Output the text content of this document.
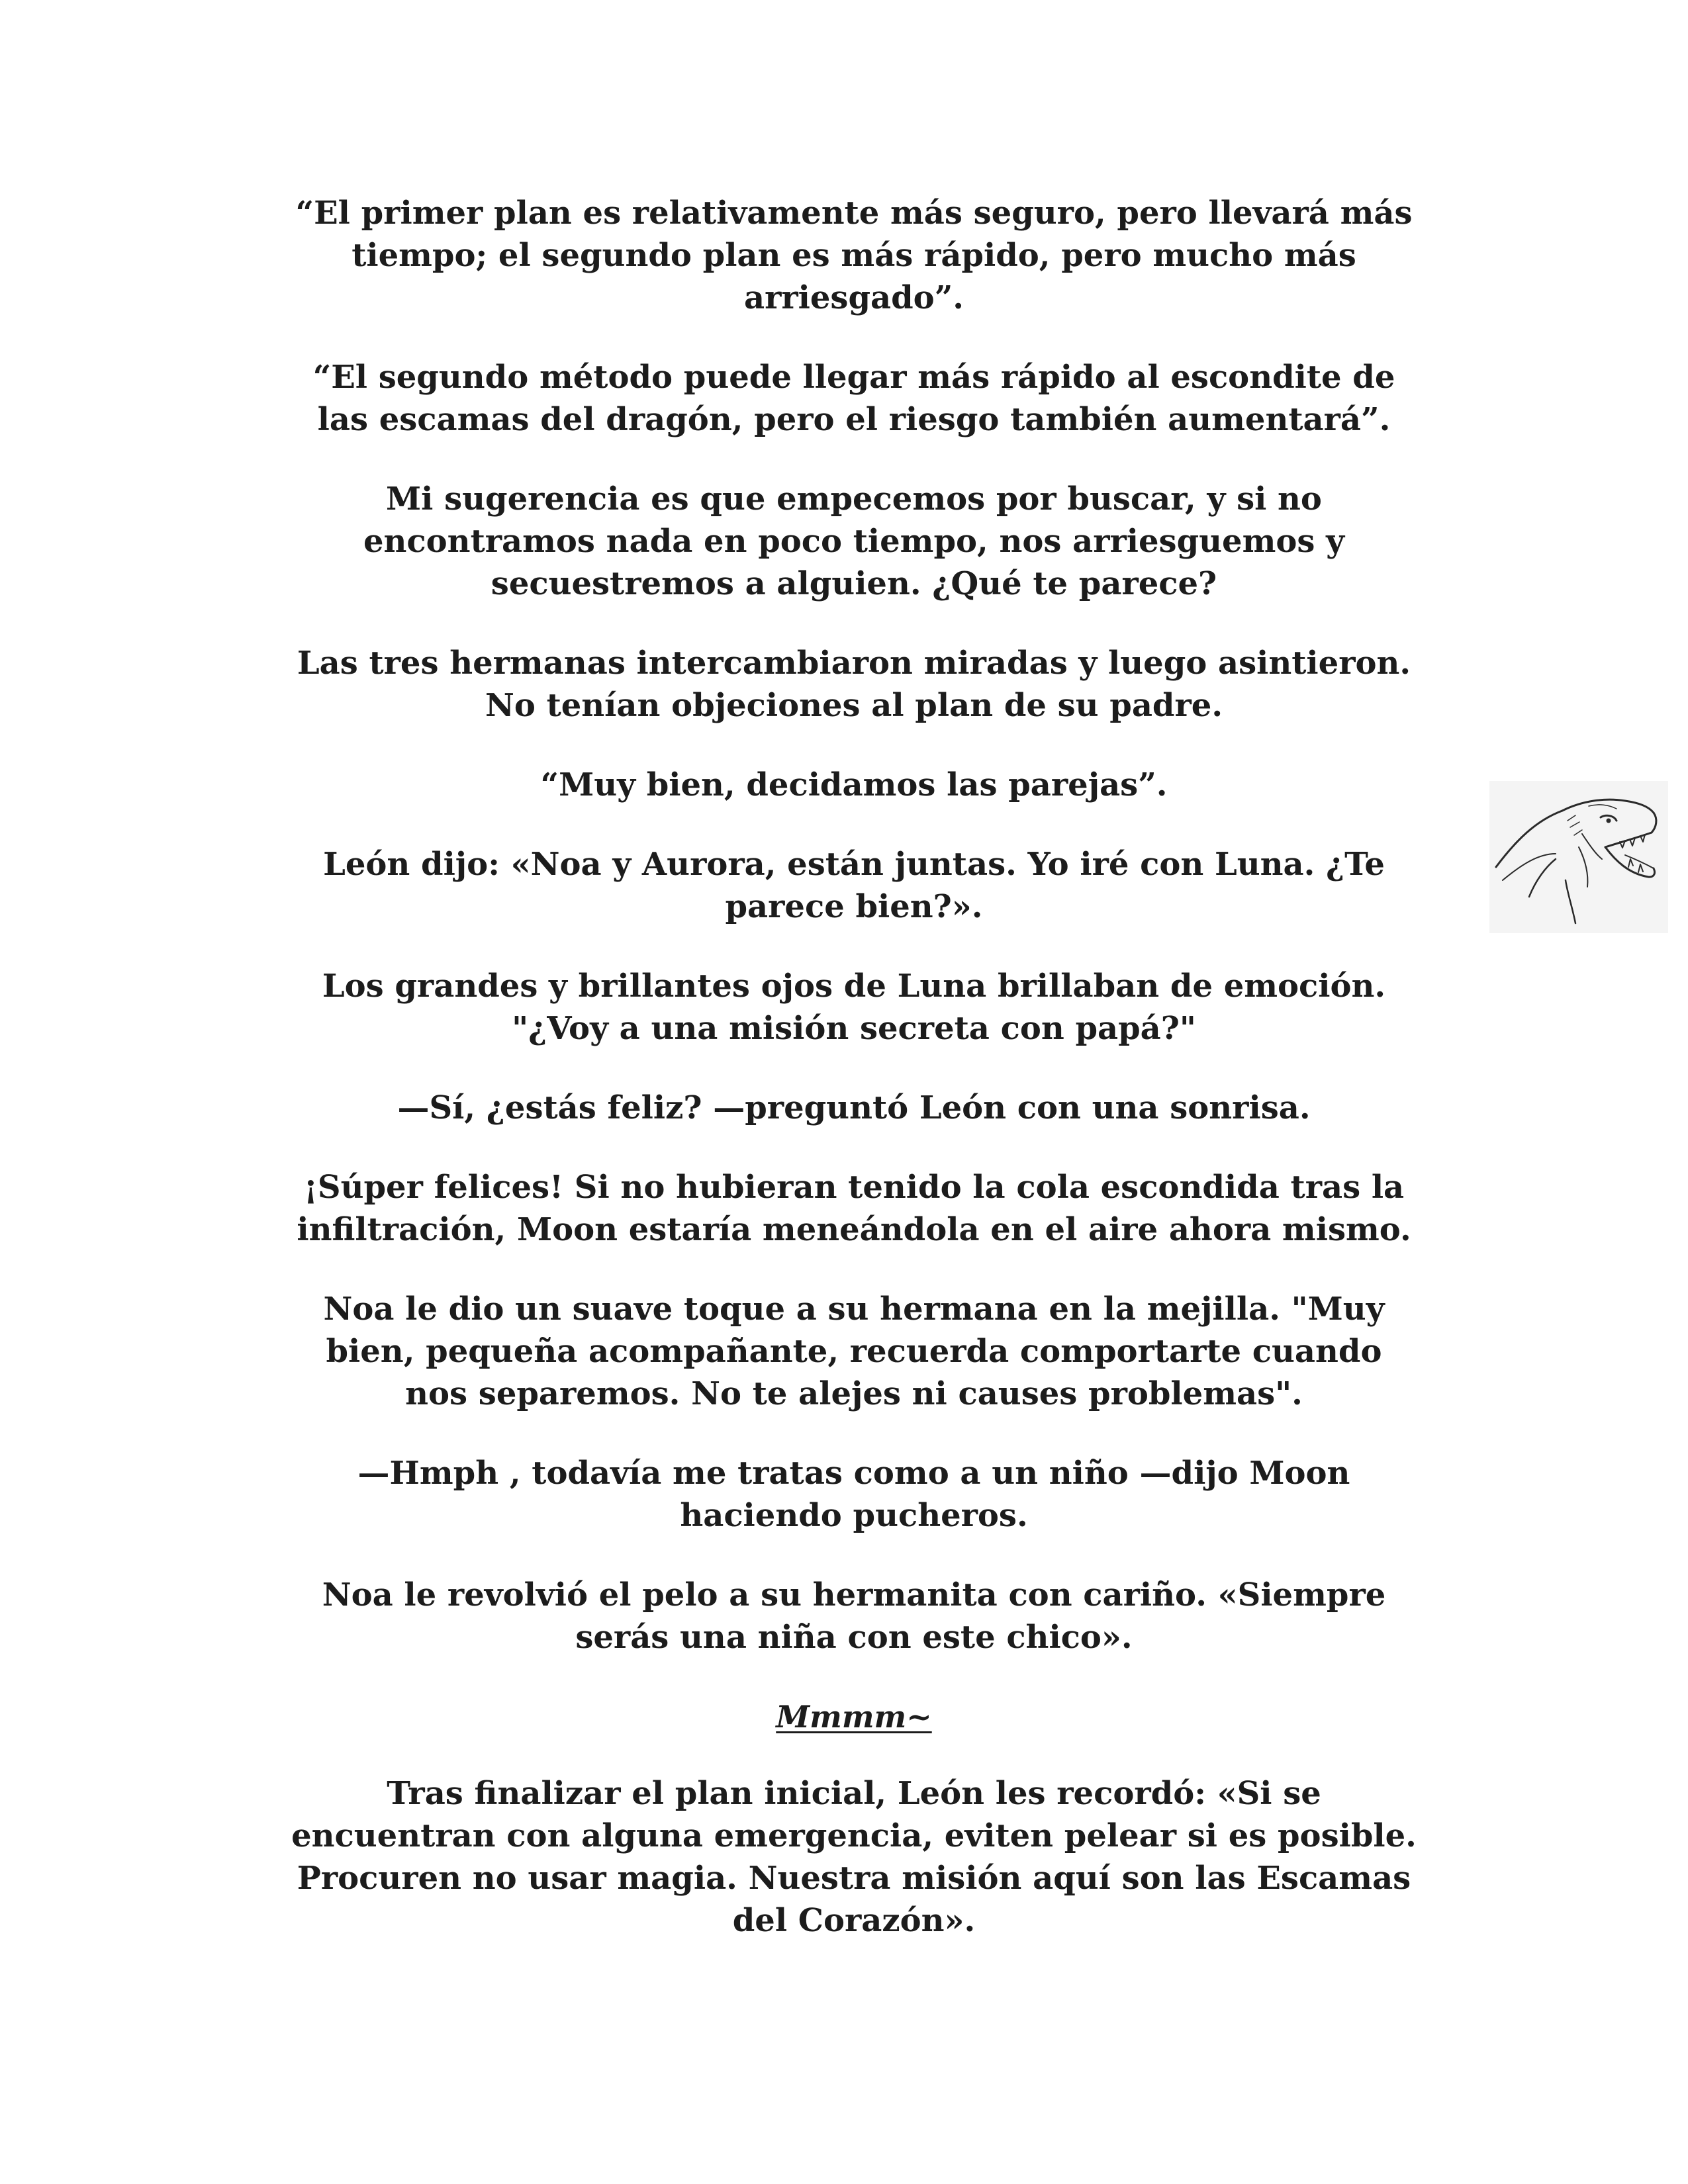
“El primer plan es relativamente más seguro, pero llevará más
tiempo; el segundo plan es más rápido, pero mucho más
arriesgado”.

“El segundo método puede llegar más rápido al escondite de
las escamas del dragón, pero el riesgo también aumentará”.

Mi sugerencia es que empecemos por buscar, y si no
encontramos nada en poco tiempo, nos arriesguemos y
secuestremos a alguien. ¿Qué te parece?

Las tres hermanas intercambiaron miradas y luego asintieron.
No tenían objeciones al plan de su padre.

“Muy bien, decidamos las parejas”.

León dijo: «Noa y Aurora, están juntas. Yo iré con Luna. ¿Te
parece bien?».

Los grandes y brillantes ojos de Luna brillaban de emoción.
"¿Voy a una misión secreta con papá?"

—Sí, ¿estás feliz? —preguntó León con una sonrisa.

¡Súper felices! Si no hubieran tenido la cola escondida tras la
infiltración, Moon estaría meneándola en el aire ahora mismo.

Noa le dio un suave toque a su hermana en la mejilla. "Muy
bien, pequeña acompañante, recuerda comportarte cuando
nos separemos. No te alejes ni causes problemas".

—Hmph , todavía me tratas como a un niño —dijo Moon
haciendo pucheros.

Noa le revolvió el pelo a su hermanita con cariño. «Siempre
serás una niña con este chico».

Mmmm~

Tras finalizar el plan inicial, León les recordó: «Si se
encuentran con alguna emergencia, eviten pelear si es posible.
Procuren no usar magia. Nuestra misión aquí son las Escamas
del Corazón».
